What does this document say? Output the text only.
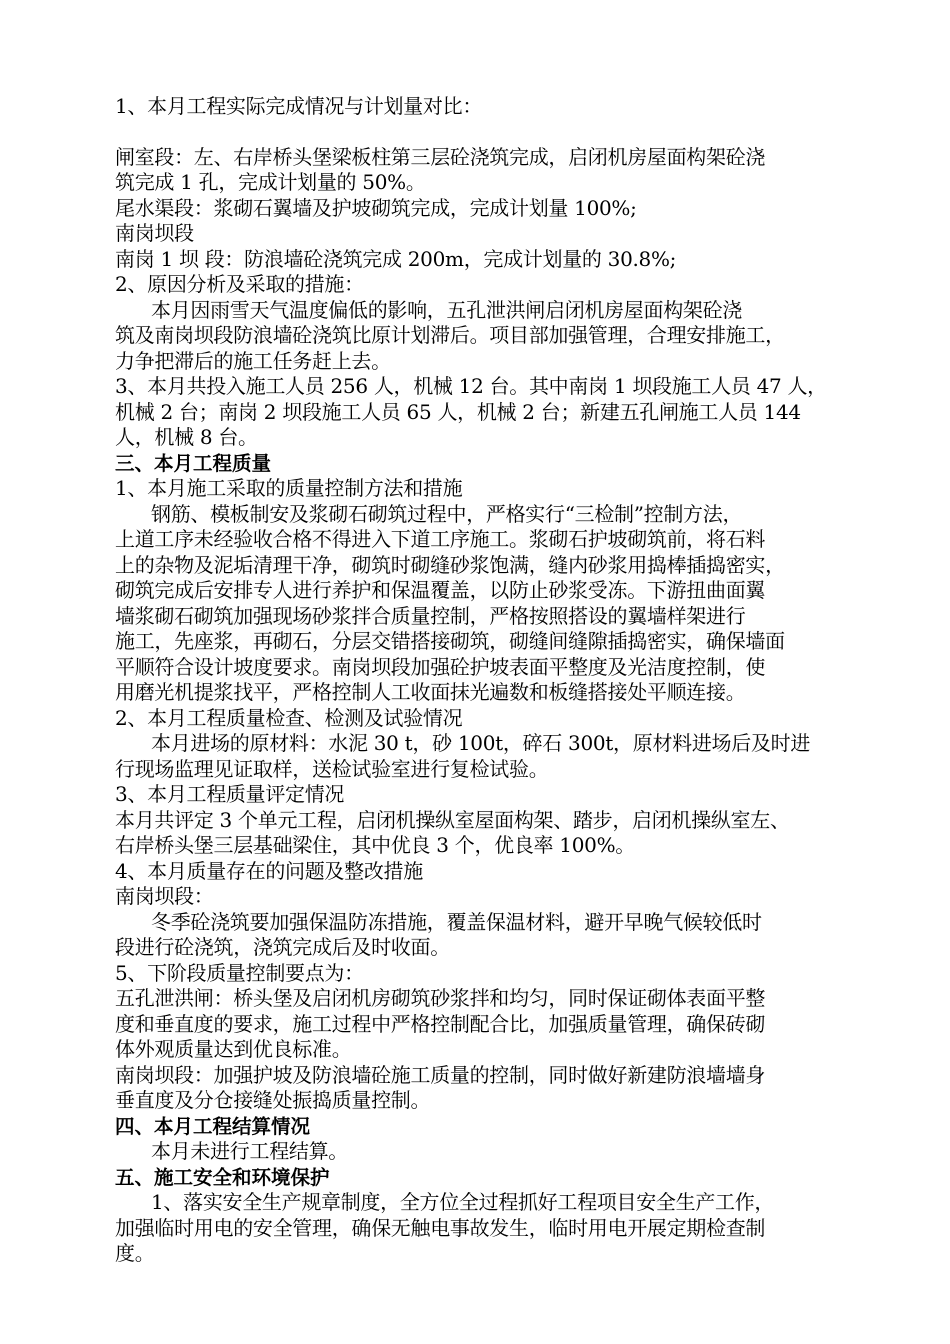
1、本月工程实际完成情况与计划量对比：
闸室段：左、右岸桥头堡梁板柱第三层砼浇筑完成，启闭机房屋面构架砼浇
筑完成 1 孔，完成计划量的 50%。
尾水渠段：浆砌石翼墙及护坡砌筑完成，完成计划量 100%;
南岗坝段
南岗 1 坝 段：防浪墙砼浇筑完成 200m，完成计划量的 30.8%;
2、原因分析及采取的措施：
本月因雨雪天气温度偏低的影响，五孔泄洪闸启闭机房屋面构架砼浇
筑及南岗坝段防浪墙砼浇筑比原计划滞后。项目部加强管理，合理安排施工，
力争把滞后的施工任务赶上去。
3、本月共投入施工人员 256 人，机械 12 台。其中南岗 1 坝段施工人员 47 人，
机械 2 台；南岗 2 坝段施工人员 65 人，机械 2 台；新建五孔闸施工人员 144
人，机械 8 台。
三、本月工程质量
1、本月施工采取的质量控制方法和措施
钢筋、模板制安及浆砌石砌筑过程中，严格实行“三检制”控制方法，
上道工序未经验收合格不得进入下道工序施工。浆砌石护坡砌筑前，将石料
上的杂物及泥垢清理干净，砌筑时砌缝砂浆饱满，缝内砂浆用捣棒插捣密实，
砌筑完成后安排专人进行养护和保温覆盖，以防止砂浆受冻。下游扭曲面翼
墙浆砌石砌筑加强现场砂浆拌合质量控制，严格按照搭设的翼墙样架进行
施工，先座浆，再砌石，分层交错搭接砌筑，砌缝间缝隙插捣密实，确保墙面
平顺符合设计坡度要求。南岗坝段加强砼护坡表面平整度及光洁度控制，使
用磨光机提浆找平，严格控制人工收面抹光遍数和板缝搭接处平顺连接。
2、本月工程质量检查、检测及试验情况
本月进场的原材料：水泥 30 t，砂 100t，碎石 300t，原材料进场后及时进
行现场监理见证取样，送检试验室进行复检试验。
3、本月工程质量评定情况
本月共评定 3 个单元工程，启闭机操纵室屋面构架、踏步，启闭机操纵室左、
右岸桥头堡三层基础梁住，其中优良 3 个，优良率 100%。
4、本月质量存在的问题及整改措施
南岗坝段：
冬季砼浇筑要加强保温防冻措施，覆盖保温材料，避开早晚气候较低时
段进行砼浇筑，浇筑完成后及时收面。
5、下阶段质量控制要点为：
五孔泄洪闸：桥头堡及启闭机房砌筑砂浆拌和均匀，同时保证砌体表面平整
度和垂直度的要求，施工过程中严格控制配合比，加强质量管理，确保砖砌
体外观质量达到优良标准。
南岗坝段：加强护坡及防浪墙砼施工质量的控制，同时做好新建防浪墙墙身
垂直度及分仓接缝处振捣质量控制。
四、本月工程结算情况
本月未进行工程结算。
五、施工安全和环境保护
1、落实安全生产规章制度，全方位全过程抓好工程项目安全生产工作，
加强临时用电的安全管理，确保无触电事故发生，临时用电开展定期检查制
度。
